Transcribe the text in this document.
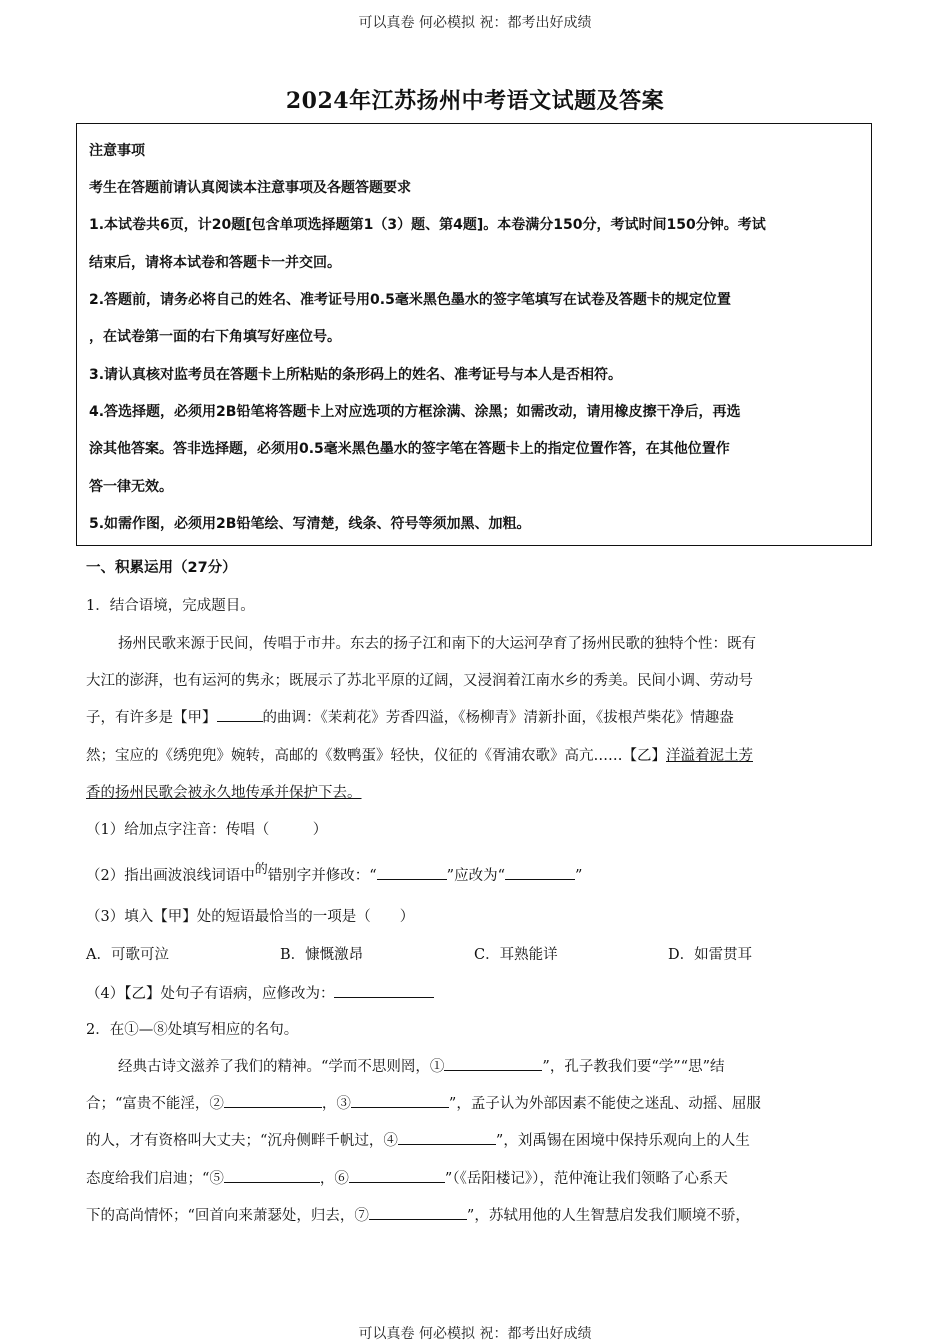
可以真卷 何必模拟 祝：都考出好成绩
2024年江苏扬州中考语文试题及答案
注意事项
考生在答题前请认真阅读本注意事项及各题答题要求
1.本试卷共6页，计20题[包含单项选择题第1（3）题、第4题]。本卷满分150分，考试时间150分钟。考试
结束后，请将本试卷和答题卡一并交回。
2.答题前，请务必将自己的姓名、准考证号用0.5毫米黑色墨水的签字笔填写在试卷及答题卡的规定位置
，在试卷第一面的右下角填写好座位号。
3.请认真核对监考员在答题卡上所粘贴的条形码上的姓名、准考证号与本人是否相符。
4.答选择题，必须用2B铅笔将答题卡上对应选项的方框涂满、涂黑；如需改动，请用橡皮擦干净后，再选
涂其他答案。答非选择题，必须用0.5毫米黑色墨水的签字笔在答题卡上的指定位置作答，在其他位置作
答一律无效。
5.如需作图，必须用2B铅笔绘、写清楚，线条、符号等须加黑、加粗。
一、积累运用（27分）
1．结合语境，完成题目。
扬州民歌来源于民间，传唱于市井。东去的扬子江和南下的大运河孕育了扬州民歌的独特个性：既有
大江的澎湃，也有运河的隽永；既展示了苏北平原的辽阔，又浸润着江南水乡的秀美。民间小调、劳动号
子，有许多是【甲】	的曲调：《茉莉花》芳香四溢，《杨柳青》清新扑面，《拔根芦柴花》情趣盎
然；宝应的《绣兜兜》婉转，高邮的《数鸭蛋》轻快，仪征的《胥浦农歌》高亢……【乙】洋溢着泥土芳
香的扬州民歌会被永久地传承并保护下去。
（1）给加点字注音：传唱（　　　）
（2）指出画波浪线词语中的错别字并修改：“	”应改为“	”
（3）填入【甲】处的短语最恰当的一项是（　　）
A．可歌可泣	B．慷慨激昂	C．耳熟能详	D．如雷贯耳
（4）【乙】处句子有语病，应修改为：
2．在①—⑧处填写相应的名句。
经典古诗文滋养了我们的精神。“学而不思则罔，①	”，孔子教我们要“学”“思”结
合；“富贵不能淫，②	，③	”，孟子认为外部因素不能使之迷乱、动摇、屈服
的人，才有资格叫大丈夫；“沉舟侧畔千帆过，④	”，刘禹锡在困境中保持乐观向上的人生
态度给我们启迪；“⑤	，⑥	”（《岳阳楼记》），范仲淹让我们领略了心系天
下的高尚情怀；“回首向来萧瑟处，归去，⑦	”，苏轼用他的人生智慧启发我们顺境不骄，
可以真卷 何必模拟 祝：都考出好成绩
